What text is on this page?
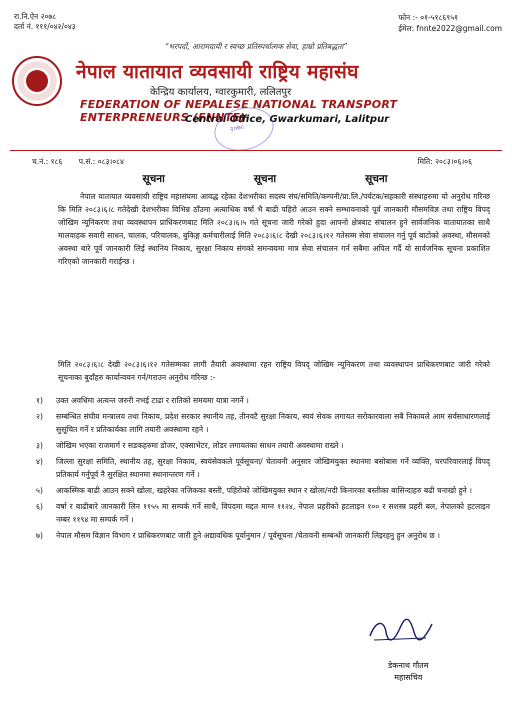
रा.नि.ऐन २०७८
दर्ता नं. १११/०४२/०४३
फोन :- ०१-५१८६९५१
ईमेल: fnnte2022@gmail.com
“भरपर्दो, आरामदायी र स्वच्छ प्रतिस्पर्धात्मक सेवा, हाम्रो प्रतिबद्धता”
नेपाल यातायात व्यवसायी राष्ट्रिय महासंघ
केन्द्रिय कार्यालय, ग्वारकुमारी, ललितपुर
FEDERATION OF NEPALESE NATIONAL TRANSPORT ENTERPRENEURS (FNNTE)
Central Office, Gwarkumari, Lalitpur
२०७८
च.नं.: १८६ प.सं.: ०८३।०८४	मिति: २०८३।०६।०६
सूचना	सूचना	सूचना
नेपाल यातायात व्यवसायी राष्ट्रिय महासंघमा आवद्ध रहेका देशभरीका सदस्य संघ/समिति/कम्पनी/प्रा.लि./पर्यटक/सहकारी संस्थाहरुमा यो अनुरोध गरिन्छ कि मिति २०८३।६।८ गतेदेखी देशभरीका विभिन्न ठाँउमा अत्याधिक वर्षा भै बाढी पहिरो आउन सक्ने सम्भावनाको पूर्व जानकारी मौसमविज्ञ तथा राष्ट्रिय विपद् जोखिम न्यूनिकरण तथा व्यवस्थापन प्राधिकरणबाट मिति २०८३।६।५ गते सूचना जारी गरेको हुदा आफ्नो क्षेत्रबाट संचालन हुने सार्वजनिक यातायातका साथै मालवाहक सवारी साधन, चालक, परिचालक, बुकिङ्ग कर्मचारीलाई मिति २०८३।६।८ देखी २०८३।६।१२ गतेसम्म सेवा संचालन गर्नु पूर्व बाटोको अवस्था, मौसमको अवस्था बारे पूर्व जानकारी लिई स्थानिय निकाय, सुरक्षा निकाय संगको समन्वयमा मात्र सेवा संचालन गर्न सबैमा अपिल गर्दै यो सार्वजनिक सूचना प्रकाशित गरिएको जानकारी गराईन्छ ।
मिति २०८३।६।८ देखी २०८३।६।१२ गतेसम्मका लागी तैयारी अवस्थामा रहन राष्ट्रिय विपद् जोखिम न्यूनिकरण तथा व्यवस्थापन प्राधिकरणबाट जारी गरेको सूचनाका बुदाँहरु कार्यान्वयन गर्न/गराउन अनुरोध गरिन्छ :-
१)	उक्त अवधिमा अत्यन्त जरुरी नभई टाढा र रातिको समयमा यात्रा नगर्ने ।
२)	सम्बन्धित संघीय मन्त्रालय तथा निकाय, प्रदेश सरकार स्थानीय तह, तीनवटै सुरक्षा निकाय, स्वयं सेवक लगायत सरोकारवाला सबै निकायले आम सर्वसाधारणलाई सुसूचित गर्ने र प्रतिकार्यका लागि तयारी अवस्थामा रहने ।
३)	जोखिम भएका राजमार्ग र सडकहरुमा डोजर, एक्साभेटर, लोडर लगायतका साधन तयारी अवस्थामा राख्ने ।
४)	जिल्ला सुरक्षा समिति, स्थानीय तह, सुरक्षा निकाय, स्वयंसेवकले पूर्वसूचना/ चेतावनी अनुसार जोखिमयुक्त स्थानमा बसोबास गर्ने व्यक्ति, घरपरिवारलाई विपद् प्रतिकार्य गर्नुपूर्व नै सुरक्षित स्थानमा स्थानान्तरण गर्ने ।
५)	आकस्मिक बाढी आउन सक्ने खोला, खहरेका नजिकका बस्ती, पहिरोको जोखिमयुक्त स्थान र खोला/नदी किनारका बस्तीका बासिन्दाहरु बढी चनाखो हुने ।
६)	वर्षा र बाढीबारे जानकारी लिन ११५५ मा सम्पर्क गर्ने साथै, विपदमा मद्दत माग्न ११२४, नेपाल प्रहरीको हटलाइन १०० र सशस्त्र प्रहरी बल, नेपालको हटलाइन नम्बर ११९४ मा सम्पर्क गर्ने ।
७)	नेपाल मौसम विज्ञान विभाग र प्राधिकरणबाट जारी हुने अद्यावधिक पूर्वानुमान / पूर्वसूचना /चेतावनी सम्बन्धी जानकारी लिइरहनु हुन अनुरोध छ ।
डेकनाथ गौतम
महासचिव
